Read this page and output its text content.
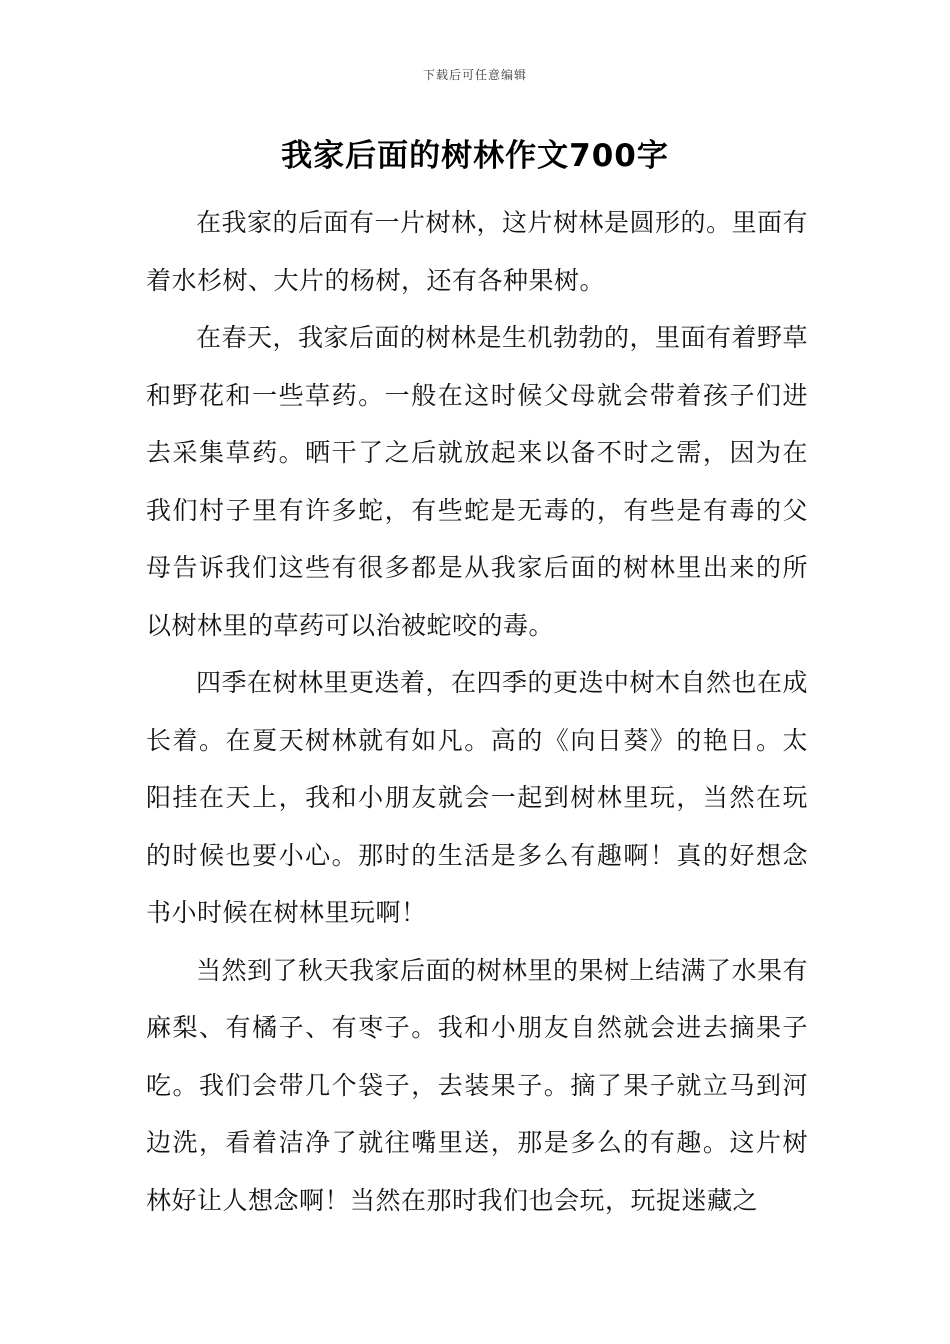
下载后可任意编辑
我家后面的树林作文700字

在我家的后面有一片树林，这片树林是圆形的。里面有着水杉树、大片的杨树，还有各种果树。

在春天，我家后面的树林是生机勃勃的，里面有着野草和野花和一些草药。一般在这时候父母就会带着孩子们进去采集草药。晒干了之后就放起来以备不时之需，因为在我们村子里有许多蛇，有些蛇是无毒的，有些是有毒的父母告诉我们这些有很多都是从我家后面的树林里出来的所以树林里的草药可以治被蛇咬的毒。

四季在树林里更迭着，在四季的更迭中树木自然也在成长着。在夏天树林就有如凡。高的《向日葵》的艳日。太阳挂在天上，我和小朋友就会一起到树林里玩，当然在玩的时候也要小心。那时的生活是多么有趣啊！真的好想念书小时候在树林里玩啊！

当然到了秋天我家后面的树林里的果树上结满了水果有麻梨、有橘子、有枣子。我和小朋友自然就会进去摘果子吃。我们会带几个袋子，去装果子。摘了果子就立马到河边洗，看着洁净了就往嘴里送，那是多么的有趣。这片树林好让人想念啊！当然在那时我们也会玩，玩捉迷藏之
